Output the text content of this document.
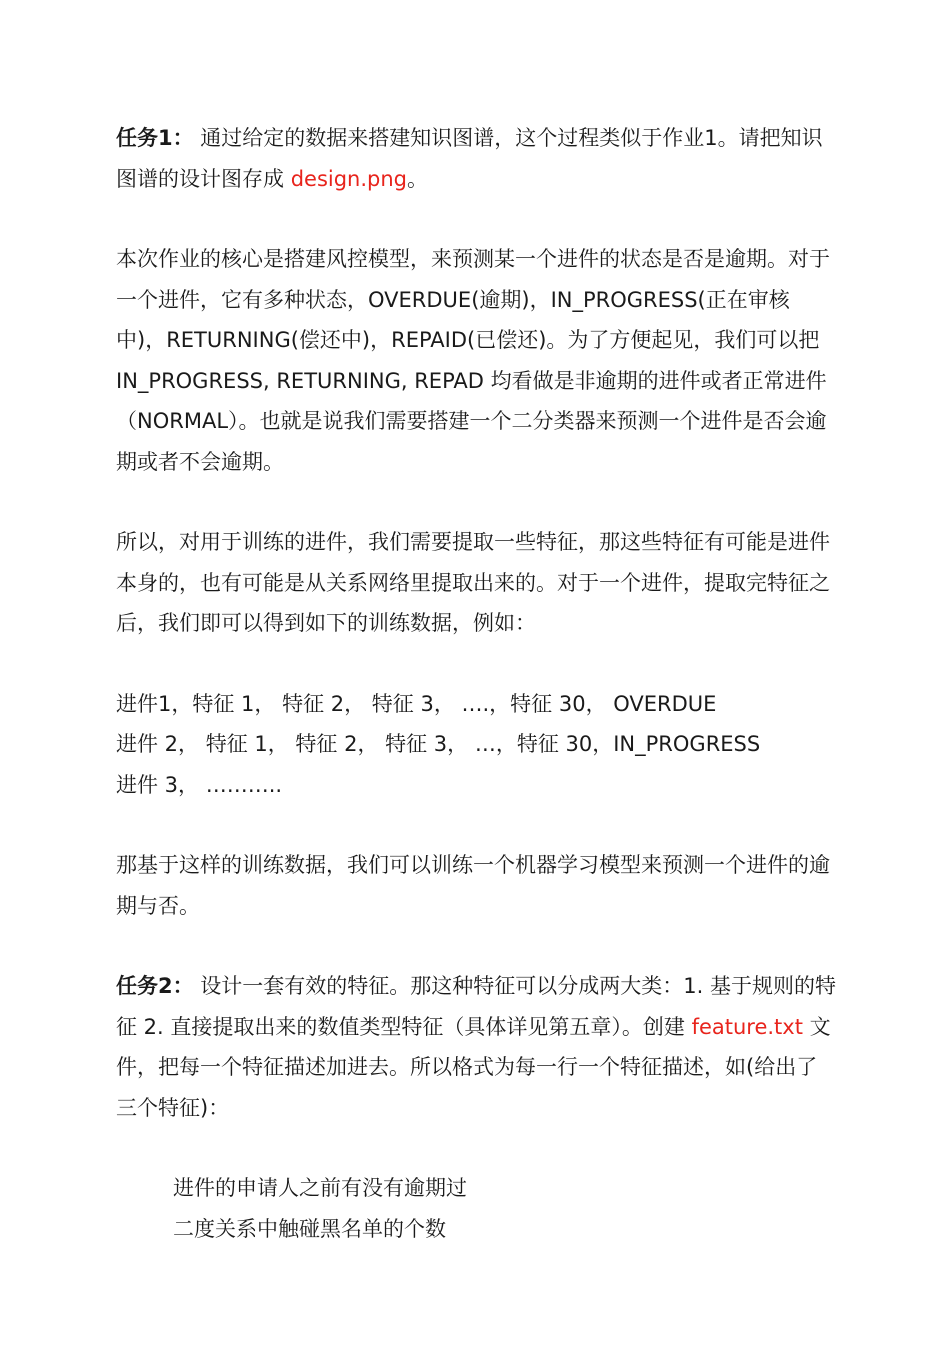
任务1： 通过给定的数据来搭建知识图谱，这个过程类似于作业1。请把知识图谱的设计图存成 design.png。

本次作业的核心是搭建风控模型，来预测某一个进件的状态是否是逾期。对于一个进件，它有多种状态，OVERDUE(逾期)，IN_PROGRESS(正在审核中)，RETURNING(偿还中)，REPAID(已偿还)。为了方便起见，我们可以把 IN_PROGRESS, RETURNING, REPAD 均看做是非逾期的进件或者正常进件（NORMAL）。也就是说我们需要搭建一个二分类器来预测一个进件是否会逾期或者不会逾期。

所以，对用于训练的进件，我们需要提取一些特征，那这些特征有可能是进件本身的，也有可能是从关系网络里提取出来的。对于一个进件，提取完特征之后，我们即可以得到如下的训练数据，例如：

进件1，特征 1， 特征 2， 特征 3， ….，特征 30， OVERDUE
进件 2， 特征 1， 特征 2， 特征 3， …，特征 30，IN_PROGRESS
进件 3， ………..

那基于这样的训练数据，我们可以训练一个机器学习模型来预测一个进件的逾期与否。

任务2： 设计一套有效的特征。那这种特征可以分成两大类：1. 基于规则的特征 2. 直接提取出来的数值类型特征（具体详见第五章）。创建 feature.txt 文件，把每一个特征描述加进去。所以格式为每一行一个特征描述，如(给出了三个特征)：

进件的申请人之前有没有逾期过
二度关系中触碰黑名单的个数
